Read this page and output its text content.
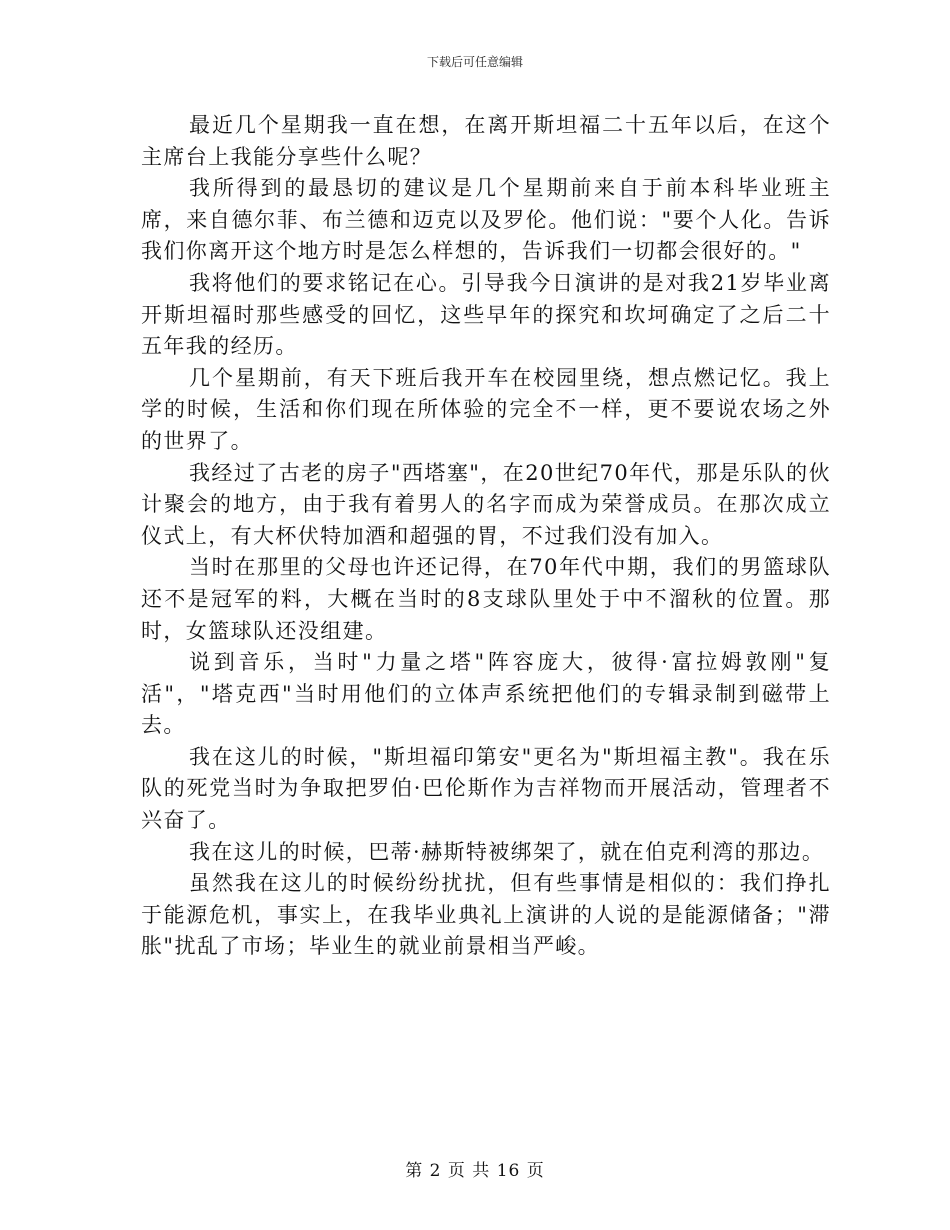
下载后可任意编辑

最近几个星期我一直在想，在离开斯坦福二十五年以后，在这个主席台上我能分享些什么呢？

我所得到的最恳切的建议是几个星期前来自于前本科毕业班主席，来自德尔菲、布兰德和迈克以及罗伦。他们说："要个人化。告诉我们你离开这个地方时是怎么样想的，告诉我们一切都会很好的。"

我将他们的要求铭记在心。引导我今日演讲的是对我21岁毕业离开斯坦福时那些感受的回忆，这些早年的探究和坎坷确定了之后二十五年我的经历。

几个星期前，有天下班后我开车在校园里绕，想点燃记忆。我上学的时候，生活和你们现在所体验的完全不一样，更不要说农场之外的世界了。

我经过了古老的房子"西塔塞"，在20世纪70年代，那是乐队的伙计聚会的地方，由于我有着男人的名字而成为荣誉成员。在那次成立仪式上，有大杯伏特加酒和超强的胃，不过我们没有加入。

当时在那里的父母也许还记得，在70年代中期，我们的男篮球队还不是冠军的料，大概在当时的8支球队里处于中不溜秋的位置。那时，女篮球队还没组建。

说到音乐，当时"力量之塔"阵容庞大，彼得·富拉姆敦刚"复活"，"塔克西"当时用他们的立体声系统把他们的专辑录制到磁带上去。

我在这儿的时候，"斯坦福印第安"更名为"斯坦福主教"。我在乐队的死党当时为争取把罗伯·巴伦斯作为吉祥物而开展活动，管理者不兴奋了。

我在这儿的时候，巴蒂·赫斯特被绑架了，就在伯克利湾的那边。

虽然我在这儿的时候纷纷扰扰，但有些事情是相似的：我们挣扎于能源危机，事实上，在我毕业典礼上演讲的人说的是能源储备；"滞胀"扰乱了市场；毕业生的就业前景相当严峻。

第 2 页 共 16 页
